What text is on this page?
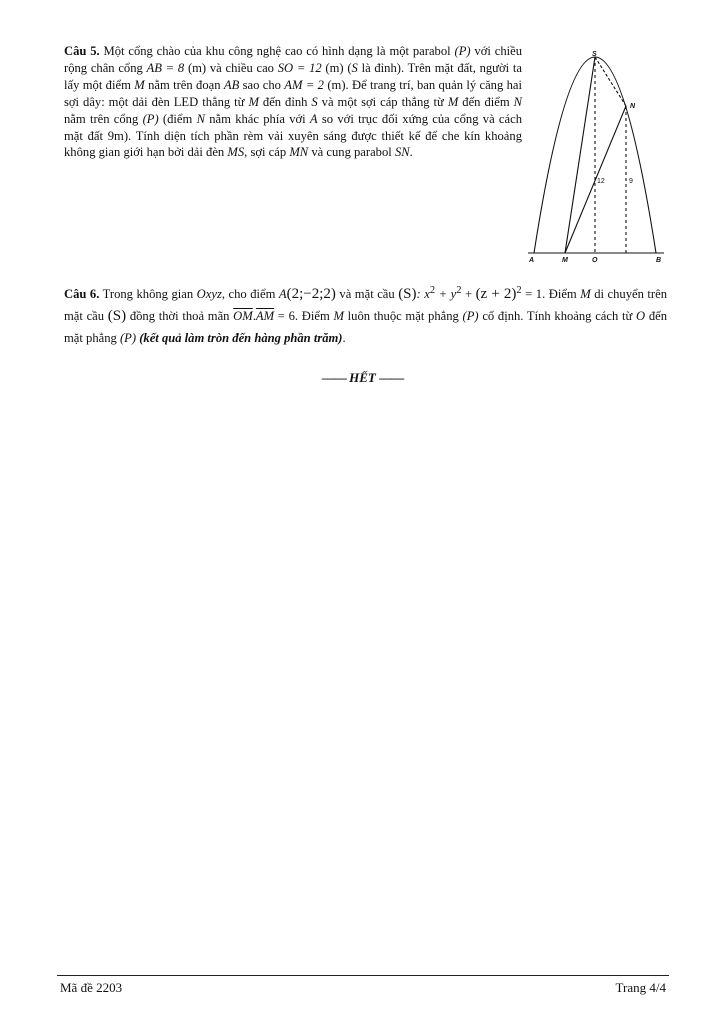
Câu 5. Một cổng chào của khu công nghệ cao có hình dạng là một parabol (P) với chiều rộng chân cổng AB = 8 (m) và chiều cao SO = 12 (m) (S là đỉnh). Trên mặt đất, người ta lấy một điểm M nằm trên đoạn AB sao cho AM = 2 (m). Để trang trí, ban quản lý căng hai sợi dây: một dải đèn LED thẳng từ M đến đỉnh S và một sợi cáp thẳng từ M đến điểm N nằm trên cổng (P) (điểm N nằm khác phía với A so với trục đối xứng của cổng và cách mặt đất 9m). Tính diện tích phần rèm vải xuyên sáng được thiết kế để che kín khoảng không gian giới hạn bởi dải đèn MS, sợi cáp MN và cung parabol SN.
S
N
A	M	O	B
12	9
Câu 6. Trong không gian Oxyz, cho điểm A(2;−2;2) và mặt cầu (S): $x^2 + y^2 + (z + 2)^2 = 1$. Điểm M di chuyển trên mặt cầu (S) đồng thời thoả mãn $\overline{OM}.\overline{AM} = 6$. Điểm M luôn thuộc mặt phẳng (P) cố định. Tính khoảng cách từ O đến mặt phẳng (P) (kết quả làm tròn đến hàng phần trăm).
—— HẾT ——
Mã đề 2203	Trang 4/4
